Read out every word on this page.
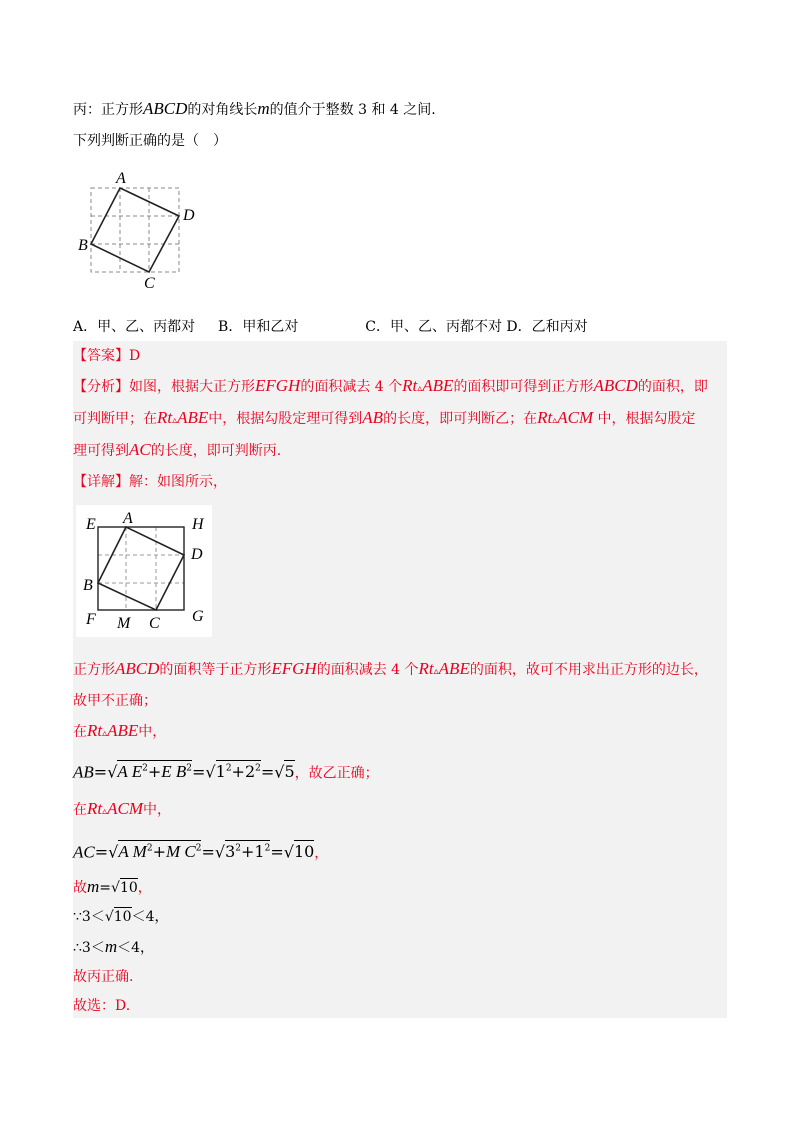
丙：正方形ABCD的对角线长m的值介于整数 3 和 4 之间.
下列判断正确的是（　）
A
D
B
C
A．甲、乙、丙都对 B．甲和乙对	C．甲、乙、丙都不对 D．乙和丙对
【答案】D
【分析】如图，根据大正方形EFGH的面积减去 4 个Rt▵ABE的面积即可得到正方形ABCD的面积，即
可判断甲；在Rt▵ABE中，根据勾股定理可得到AB的长度，即可判断乙；在Rt▵ACM 中，根据勾股定
理可得到AC的长度，即可判断丙.
【详解】解：如图所示，
E A	H
D
B
F M C G
正方形ABCD的面积等于正方形EFGH的面积减去 4 个Rt▵ABE的面积，故可不用求出正方形的边长，
故甲不正确；
在Rt▵ABE中，
AB=√A $E^2+E$ $B^2=√1^2+2^2=√5$，故乙正确；
在Rt▵ACM中，
AC=√A $M^2+M$ $C^2=√3^2+1^2=√10$，
故m=√10，
∵3＜√10＜4，
∴3＜m＜4，
故丙正确.
故选：D.
